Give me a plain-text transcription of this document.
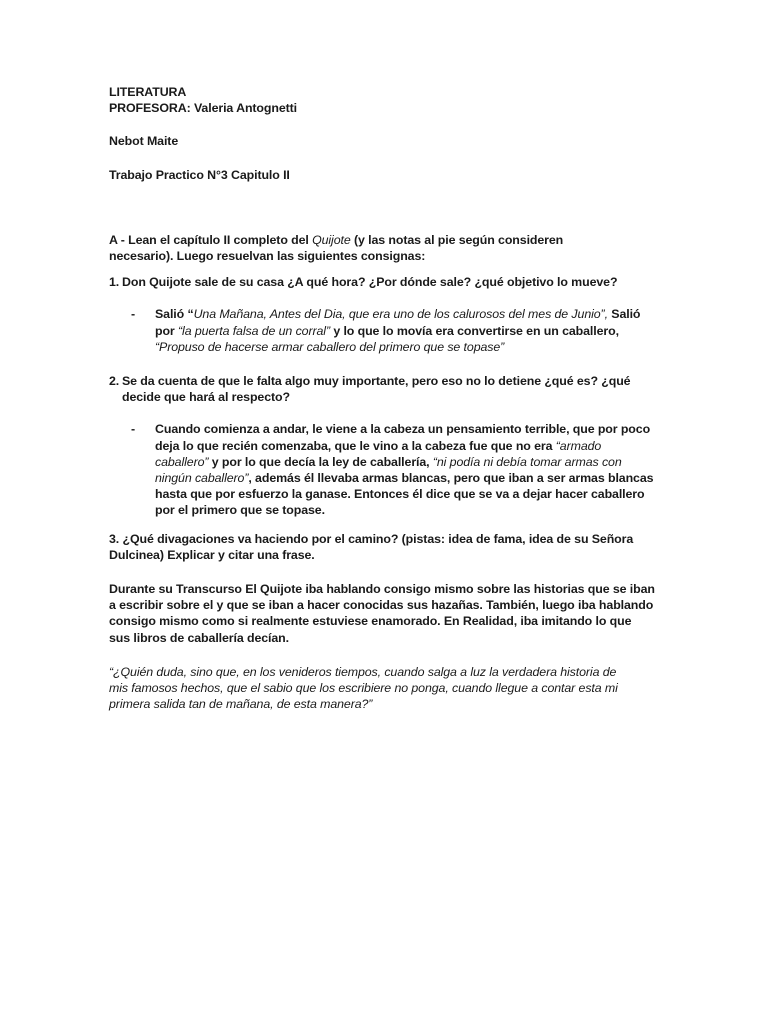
LITERATURA

PROFESORA: Valeria Antognetti

Nebot Maite

Trabajo Practico N°3 Capitulo II

A - Lean el capítulo II completo del Quijote (y las notas al pie según consideren

necesario). Luego resuelvan las siguientes consignas:

1. Don Quijote sale de su casa ¿A qué hora? ¿Por dónde sale? ¿qué objetivo lo mueve?

- Salió “Una Mañana, Antes del Dia, que era uno de los calurosos del mes de Junio”, Salió

por “la puerta falsa de un corral” y lo que lo movía era convertirse en un caballero,

“Propuso de hacerse armar caballero del primero que se topase”

2. Se da cuenta de que le falta algo muy importante, pero eso no lo detiene ¿qué es? ¿qué

decide que hará al respecto?

- Cuando comienza a andar, le viene a la cabeza un pensamiento terrible, que por poco

deja lo que recién comenzaba, que le vino a la cabeza fue que no era “armado

caballero” y por lo que decía la ley de caballería, “ni podía ni debía tomar armas con

ningún caballero”, además él llevaba armas blancas, pero que iban a ser armas blancas

hasta que por esfuerzo la ganase. Entonces él dice que se va a dejar hacer caballero

por el primero que se topase.

3. ¿Qué divagaciones va haciendo por el camino? (pistas: idea de fama, idea de su Señora

Dulcinea) Explicar y citar una frase.

Durante su Transcurso El Quijote iba hablando consigo mismo sobre las historias que se iban

a escribir sobre el y que se iban a hacer conocidas sus hazañas. También, luego iba hablando

consigo mismo como si realmente estuviese enamorado. En Realidad, iba imitando lo que

sus libros de caballería decían.

“¿Quién duda, sino que, en los venideros tiempos, cuando salga a luz la verdadera historia de

mis famosos hechos, que el sabio que los escribiere no ponga, cuando llegue a contar esta mi

primera salida tan de mañana, de esta manera?”
